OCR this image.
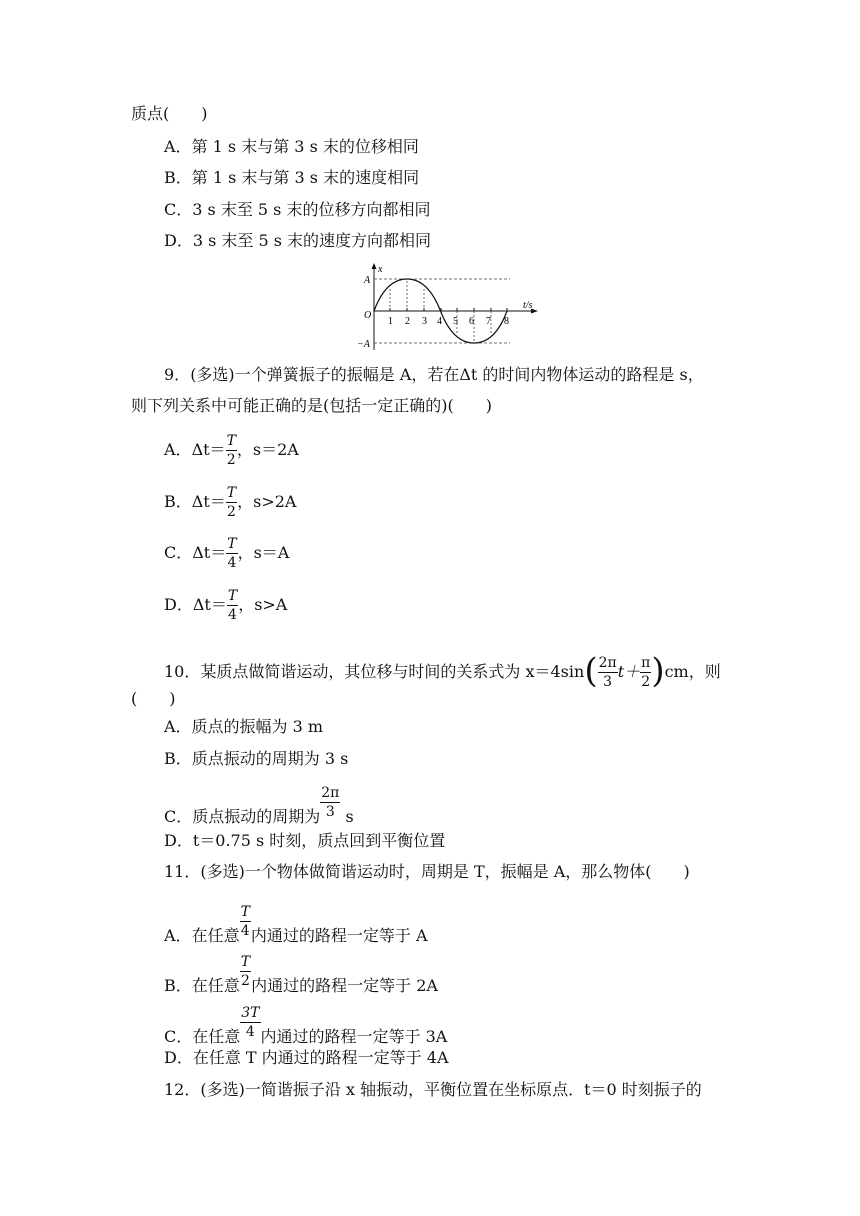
质点(　　)
A．第 1 s 末与第 3 s 末的位移相同
B．第 1 s 末与第 3 s 末的速度相同
C．3 s 末至 5 s 末的位移方向都相同
D．3 s 末至 5 s 末的速度方向都相同
x
t/s
O
A
−A
1 2 3 4 5 6 7 8
9．(多选)一个弹簧振子的振幅是 A，若在Δt 的时间内物体运动的路程是 s，
则下列关系中可能正确的是(包括一定正确的)(　　)
A．$\Delta t= \frac{T}{2}$ ，s＝2A
B．$\Delta t= \frac{T}{2}$ ，s>2A
C．$\Delta t= \frac{T}{4}$ ，s＝A
D．$\Delta t= \frac{T}{4}$ ，s>A
10．某质点做简谐运动，其位移与时间的关系式为 $x=4\sin( \frac{2\pi}{3} t+ \frac{\pi}{2} )cm$，则
(　　)
A．质点的振幅为 3 m
B．质点振动的周期为 3 s
C．质点振动的周期为 $\frac{2\pi}{3}$ s
D．t＝0.75 s 时刻，质点回到平衡位置
11．(多选)一个物体做简谐运动时，周期是 T，振幅是 A，那么物体(　　)
A．在任意 $\frac{T}{4}$ 内通过的路程一定等于 A
B．在任意 $\frac{T}{2}$ 内通过的路程一定等于 2A
C．在任意 $\frac{3T}{4}$ 内通过的路程一定等于 3A
D．在任意 T 内通过的路程一定等于 4A
12．(多选)一简谐振子沿 x 轴振动，平衡位置在坐标原点．t＝0 时刻振子的
